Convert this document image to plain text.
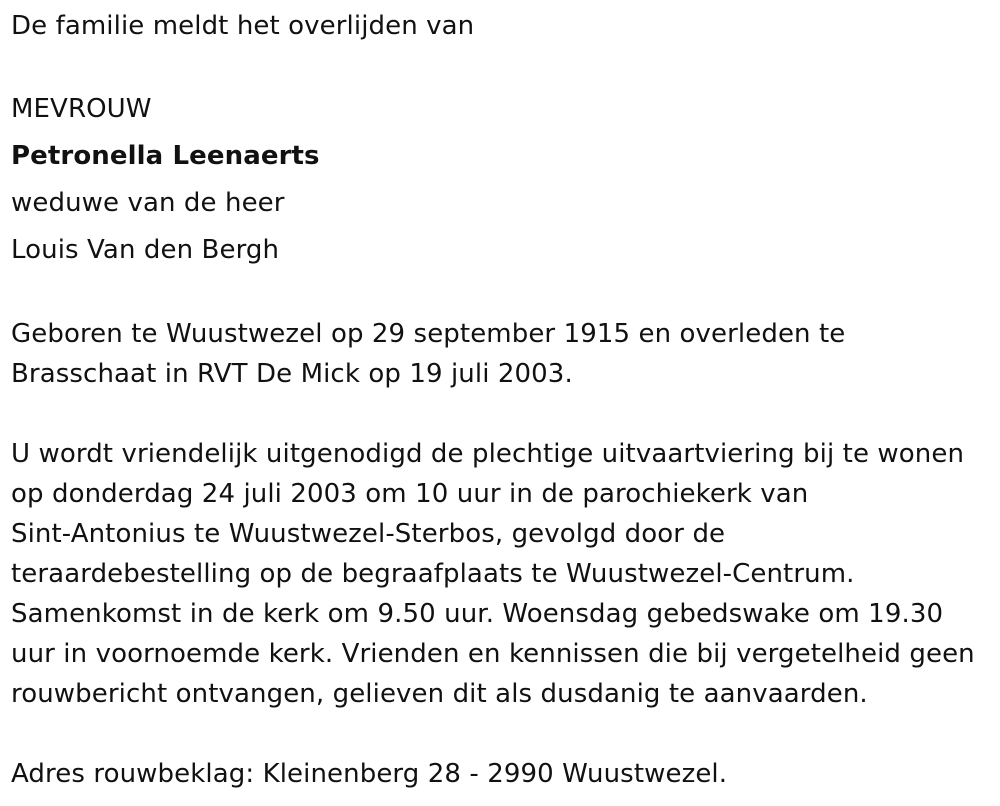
De familie meldt het overlijden van
MEVROUW
Petronella Leenaerts
weduwe van de heer
Louis Van den Bergh
Geboren te Wuustwezel op 29 september 1915 en overleden te
Brasschaat in RVT De Mick op 19 juli 2003.
U wordt vriendelijk uitgenodigd de plechtige uitvaartviering bij te wonen
op donderdag 24 juli 2003 om 10 uur in de parochiekerk van
Sint-Antonius te Wuustwezel-Sterbos, gevolgd door de
teraardebestelling op de begraafplaats te Wuustwezel-Centrum.
Samenkomst in de kerk om 9.50 uur. Woensdag gebedswake om 19.30
uur in voornoemde kerk. Vrienden en kennissen die bij vergetelheid geen
rouwbericht ontvangen, gelieven dit als dusdanig te aanvaarden.
Adres rouwbeklag: Kleinenberg 28 - 2990 Wuustwezel.
